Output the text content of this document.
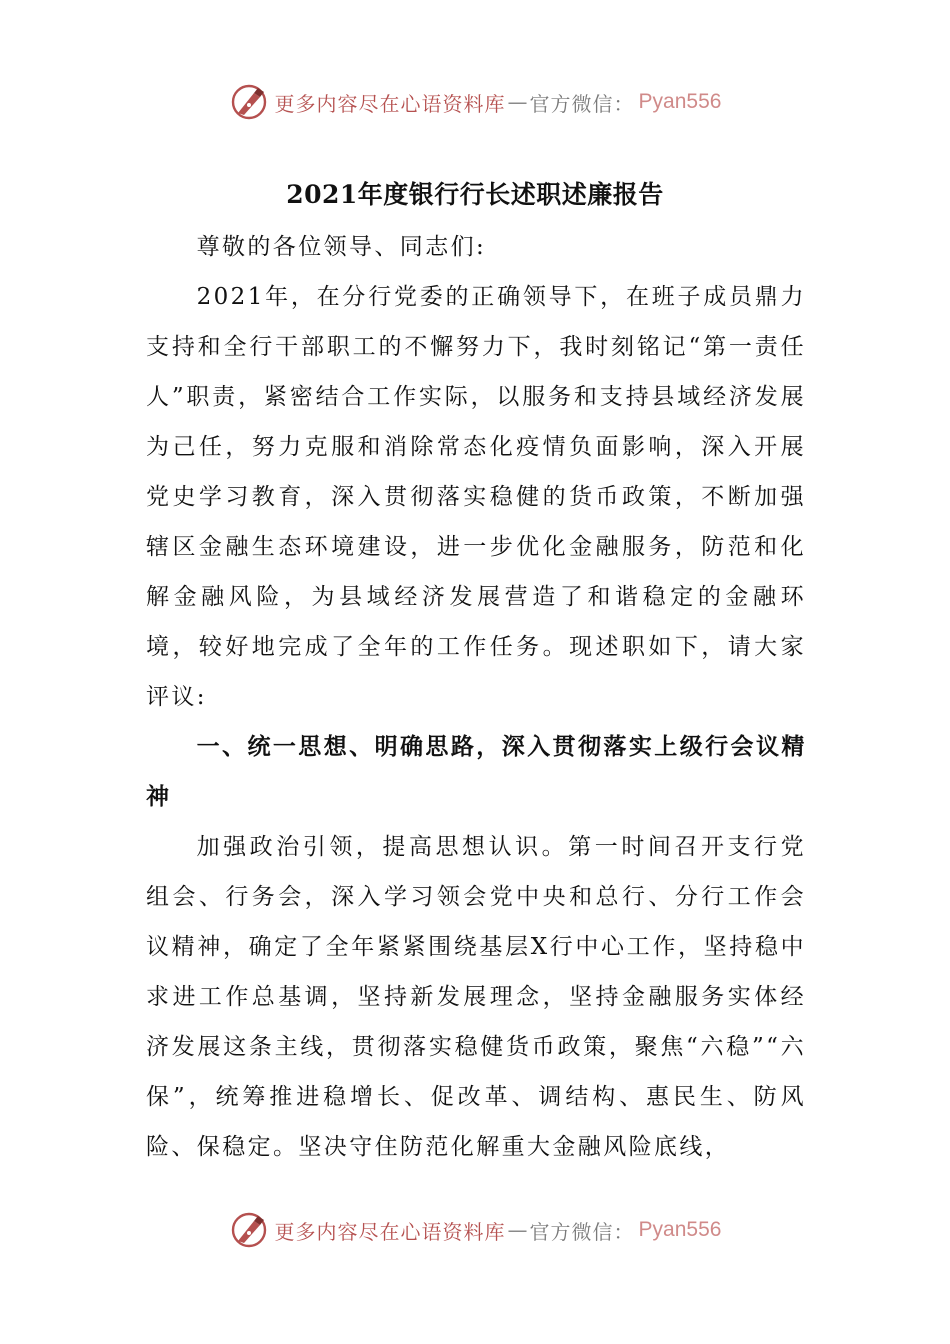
更多内容尽在心语资料库 — 官方微信： Pyan556
2021年度银行行长述职述廉报告

尊敬的各位领导、同志们:

2021年，在分行党委的正确领导下，在班子成员鼎力支持和全行干部职工的不懈努力下，我时刻铭记“第一责任人”职责，紧密结合工作实际，以服务和支持县域经济发展为己任，努力克服和消除常态化疫情负面影响，深入开展党史学习教育，深入贯彻落实稳健的货币政策，不断加强辖区金融生态环境建设，进一步优化金融服务，防范和化解金融风险，为县域经济发展营造了和谐稳定的金融环境，较好地完成了全年的工作任务。现述职如下，请大家评议:

一、统一思想、明确思路，深入贯彻落实上级行会议精神

加强政治引领，提高思想认识。第一时间召开支行党组会、行务会，深入学习领会党中央和总行、分行工作会议精神，确定了全年紧紧围绕基层X行中心工作，坚持稳中求进工作总基调，坚持新发展理念，坚持金融服务实体经济发展这条主线，贯彻落实稳健货币政策，聚焦“六稳”“六保”，统筹推进稳增长、促改革、调结构、惠民生、防风险、保稳定。坚决守住防范化解重大金融风险底线，

更多内容尽在心语资料库 — 官方微信： Pyan556
